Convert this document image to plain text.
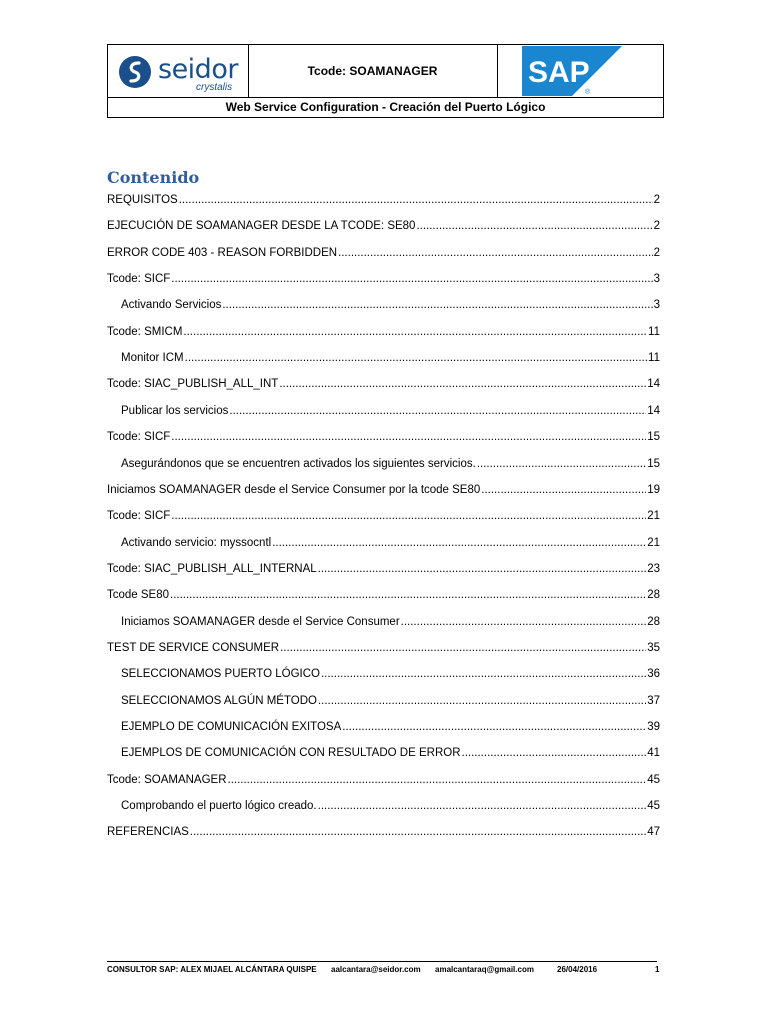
seidor
crystalis
Tcode: SOAMANAGER	SAP
®
Web Service Configuration - Creación del Puerto Lógico
Contenido
REQUISITOS .....	2
EJECUCIÓN DE SOAMANAGER DESDE LA TCODE: SE80 .....	2
ERROR CODE 403 - REASON FORBIDDEN .....	2
Tcode: SICF .....	3
Activando Servicios .....	3
Tcode: SMICM .....	11
Monitor ICM .....	11
Tcode: SIAC_PUBLISH_ALL_INT .....	14
Publicar los servicios .....	14
Tcode: SICF .....	15
Asegurándonos que se encuentren activados los siguientes servicios. .....	15
Iniciamos SOAMANAGER desde el Service Consumer por la tcode SE80 .....	19
Tcode: SICF .....	21
Activando servicio: myssocntl .....	21
Tcode: SIAC_PUBLISH_ALL_INTERNAL .....	23
Tcode SE80 .....	28
Iniciamos SOAMANAGER desde el Service Consumer .....	28
TEST DE SERVICE CONSUMER .....	35
SELECCIONAMOS PUERTO LÓGICO .....	36
SELECCIONAMOS ALGÚN MÉTODO .....	37
EJEMPLO DE COMUNICACIÓN EXITOSA .....	39
EJEMPLOS DE COMUNICACIÓN CON RESULTADO DE ERROR .....	41
Tcode: SOAMANAGER .....	45
Comprobando el puerto lógico creado. .....	45
REFERENCIAS .....	47
CONSULTOR SAP: ALEX MIJAEL ALCÁNTARA QUISPE aalcantara@seidor.com amalcantaraq@gmail.com	26/04/2016	1
